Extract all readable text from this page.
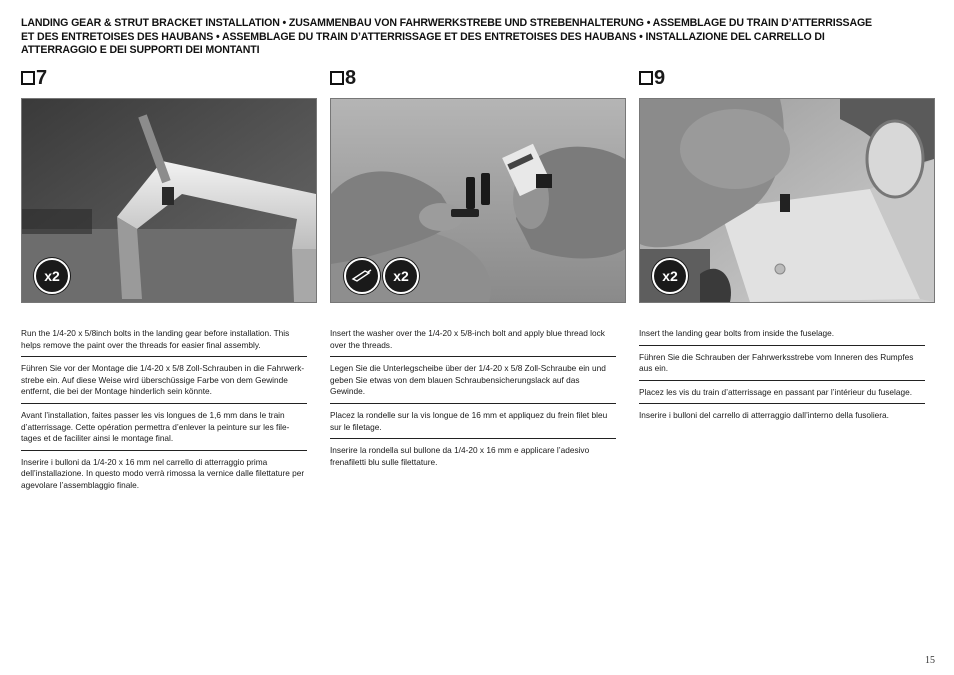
LANDING GEAR & STRUT BRACKET INSTALLATION • ZUSAMMENBAU VON FAHRWERKSTREBE UND STREBENHALTERUNG • ASSEMBLAGE DU TRAIN D’ATTERRISSAGE ET DES ENTRETOISES DES HAUBANS • ASSEMBLAGE DU TRAIN D’ATTERRISSAGE ET DES ENTRETOISES DES HAUBANS • INSTALLAZIONE DEL CARRELLO DI ATTERRAGGIO E DEI SUPPORTI DEI MONTANTI
7
x2
Run the 1/4-20 x 5/8inch bolts in the landing gear before installation. This helps remove the paint over the threads for easier final assembly.
Führen Sie vor der Montage die 1/4-20 x 5/8 Zoll-Schrauben in die Fahrwerk-strebe ein. Auf diese Weise wird überschüssige Farbe von dem Gewinde entfernt, die bei der Montage hinderlich sein könnte.
Avant l’installation, faites passer les vis longues de 1,6 mm dans le train d’atterrissage. Cette opération permettra d’enlever la peinture sur les file-tages et de faciliter ainsi le montage final.
Inserire i bulloni da 1/4-20 x 16 mm nel carrello di atterraggio prima dell’installazione. In questo modo verrà rimossa la vernice dalle filettature per agevolare l’assemblaggio finale.
8
x2
Insert the washer over the 1/4-20 x 5/8-inch bolt and apply blue thread lock over the threads.
Legen Sie die Unterlegscheibe über der 1/4-20 x 5/8 Zoll-Schraube ein und geben Sie etwas von dem blauen Schraubensicherungslack auf das Gewinde.
Placez la rondelle sur la vis longue de 16 mm et appliquez du frein filet bleu sur le filetage.
Inserire la rondella sul bullone da 1/4-20 x 16 mm e applicare l’adesivo frenafiletti blu sulle filettature.
9
x2
Insert the landing gear bolts from inside the fuselage.
Führen Sie die Schrauben der Fahrwerksstrebe vom Inneren des Rumpfes aus ein.
Placez les vis du train d’atterrissage en passant par l’intérieur du fuselage.
Inserire i bulloni del carrello di atterraggio dall’interno della fusoliera.
15
